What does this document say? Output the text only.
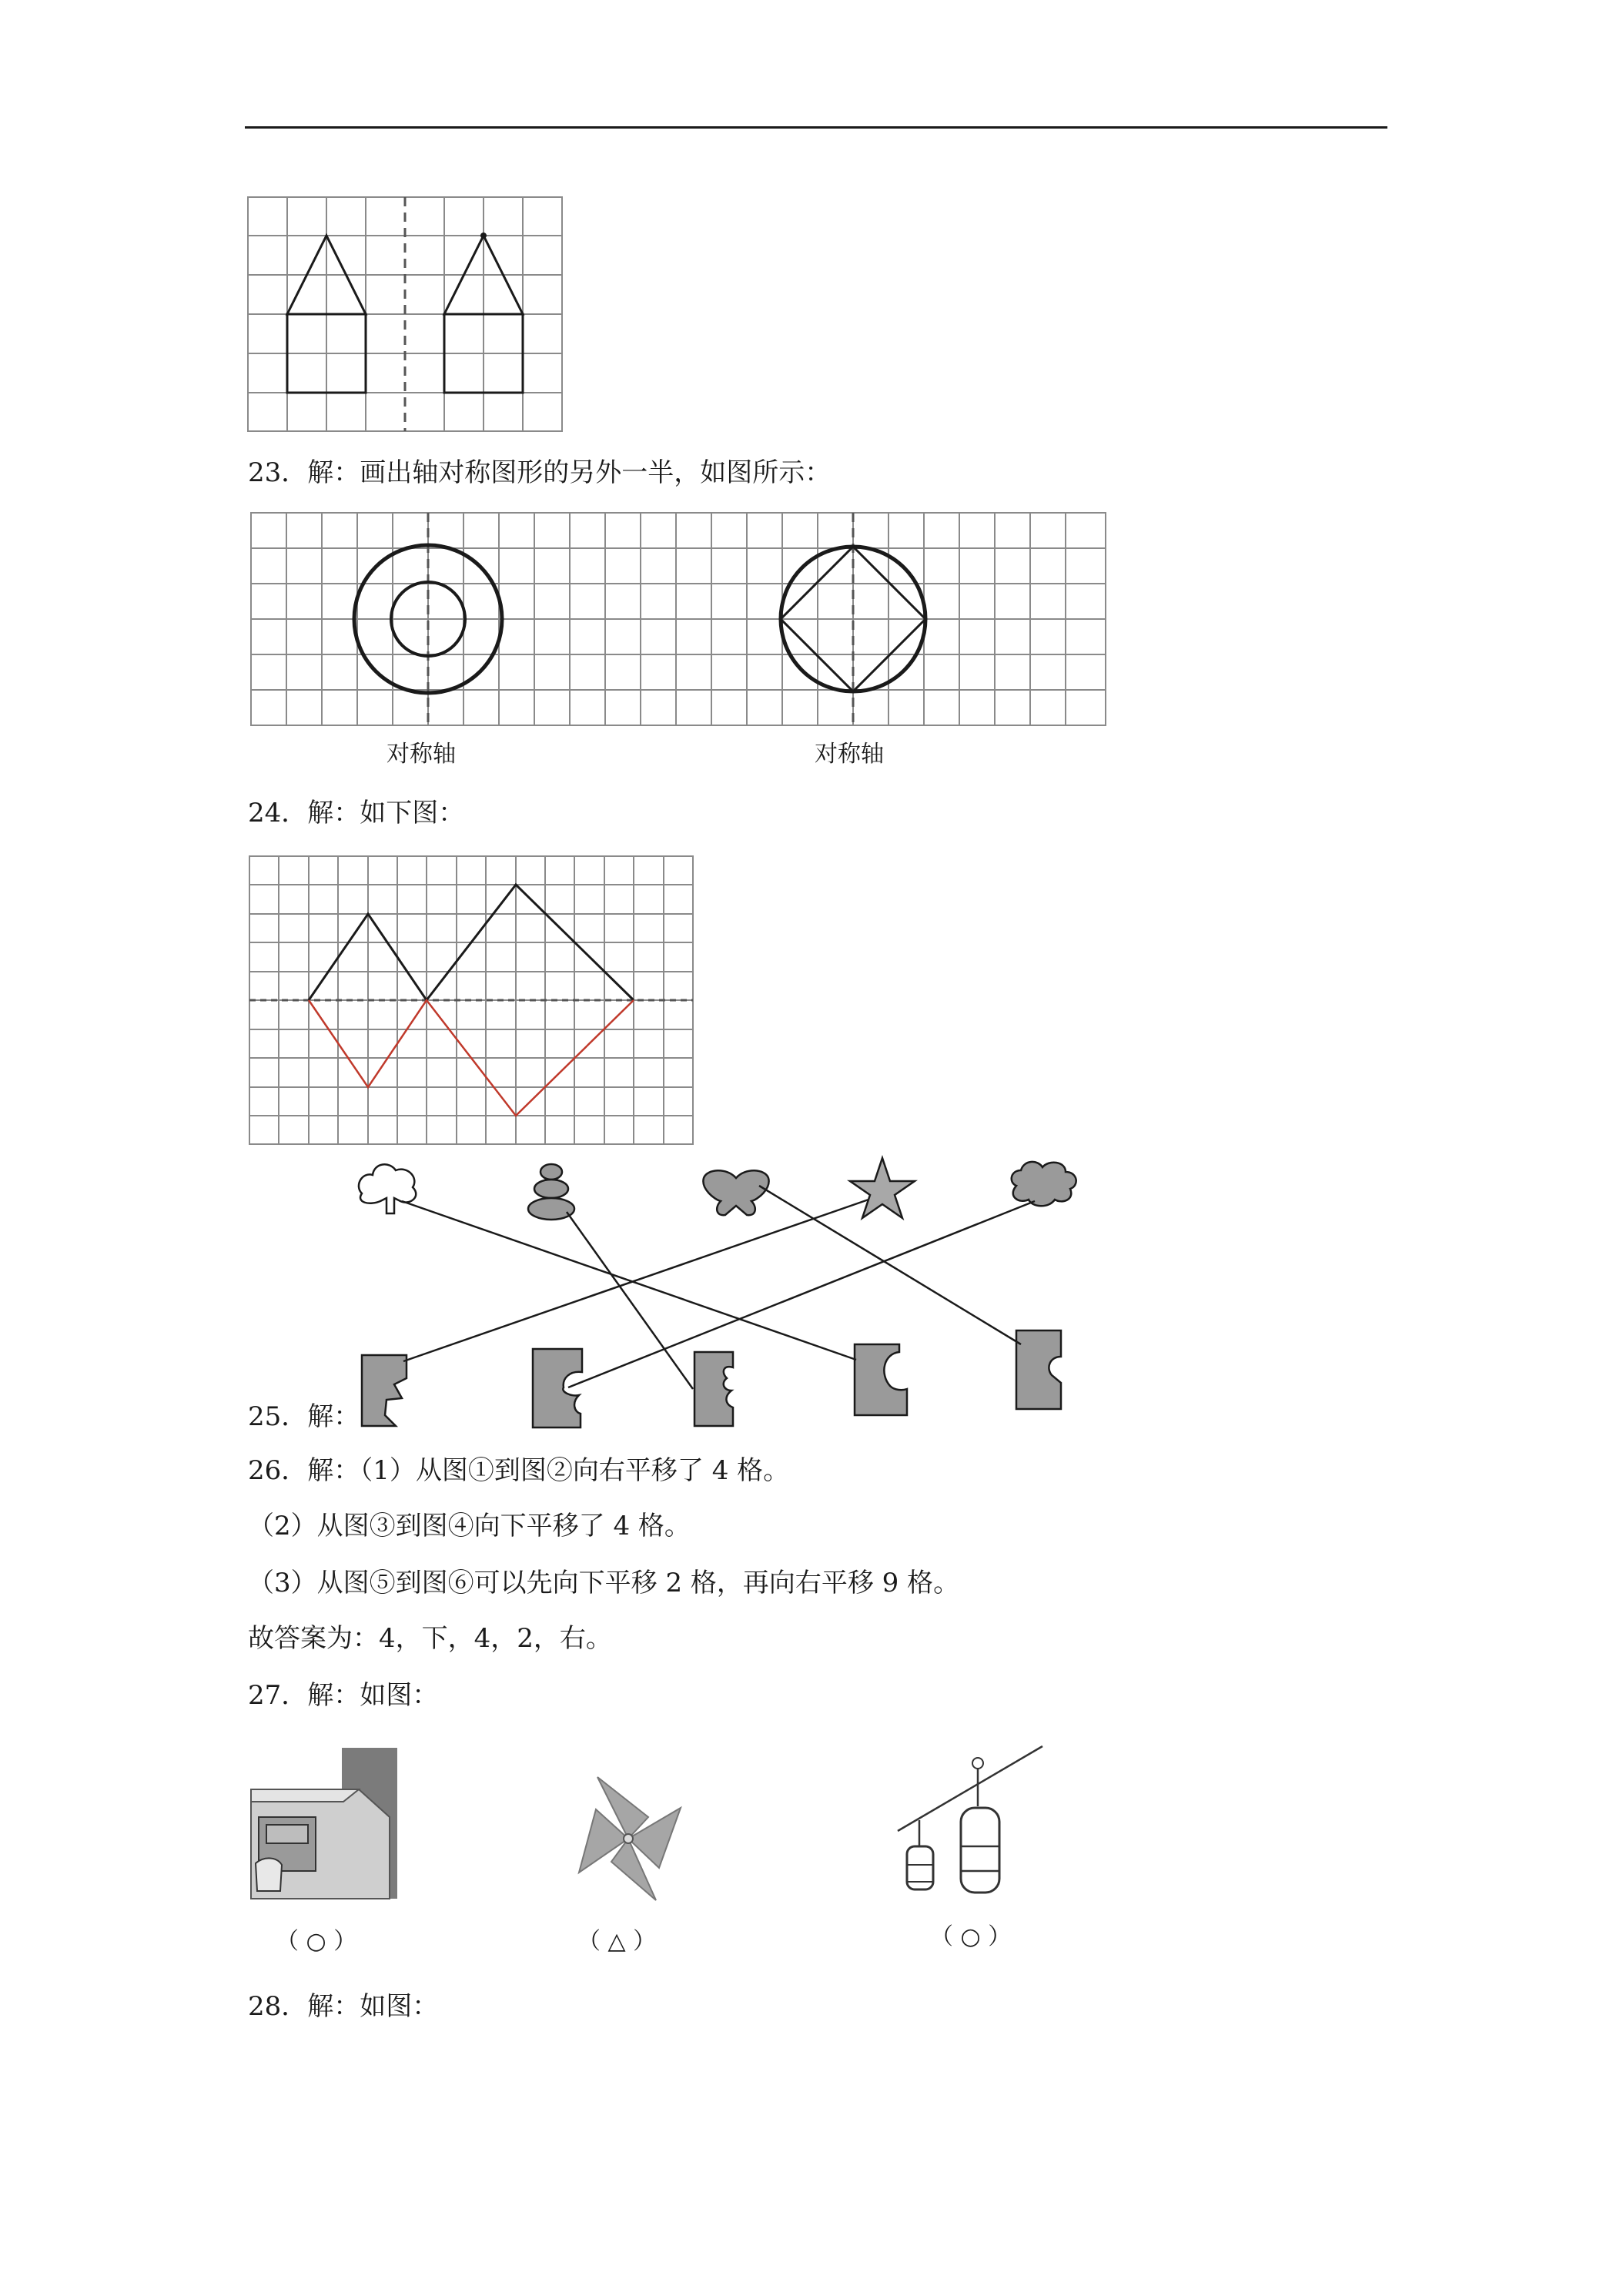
23．解：画出轴对称图形的另外一半，如图所示：
对称轴	对称轴
24．解：如下图：
25．解：
26．解：（1）从图①到图②向右平移了 4 格。
（2）从图③到图④向下平移了 4 格。
（3）从图⑤到图⑥可以先向下平移 2 格，再向右平移 9 格。
故答案为：4，下，4，2，右。
27．解：如图：
（ ○ ）	（ △ ）	（ ○ ）
28．解：如图：
